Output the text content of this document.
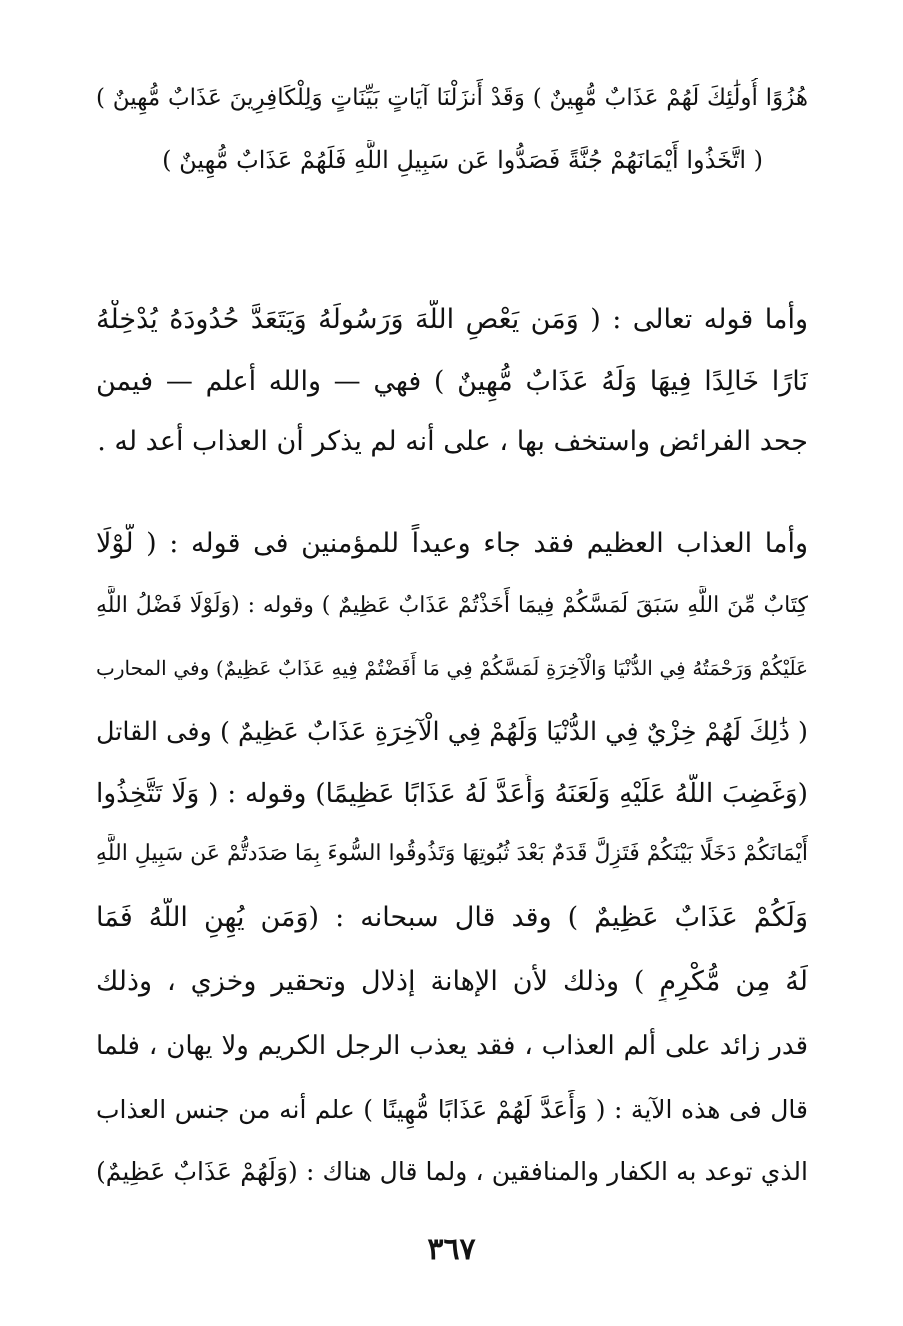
هُزُوًا أُولَٰئِكَ لَهُمْ عَذَابٌ مُّهِينٌ ) وَقَدْ أَنزَلْنَا آيَاتٍ بَيِّنَاتٍ وَلِلْكَافِرِينَ عَذَابٌ مُّهِينٌ )
( اتَّخَذُوا أَيْمَانَهُمْ جُنَّةً فَصَدُّوا عَن سَبِيلِ اللَّهِ فَلَهُمْ عَذَابٌ مُّهِينٌ )
وأما قوله تعالى : ( وَمَن يَعْصِ اللَّهَ وَرَسُولَهُ وَيَتَعَدَّ حُدُودَهُ يُدْخِلْهُ
نَارًا خَالِدًا فِيهَا وَلَهُ عَذَابٌ مُّهِينٌ ) فهي — والله أعلم — فيمن
جحد الفرائض واستخف بها ، على أنه لم يذكر أن العذاب أعد له .
وأما العذاب العظيم فقد جاء وعيداً للمؤمنين فى قوله : ( لَّوْلَا
كِتَابٌ مِّنَ اللَّهِ سَبَقَ لَمَسَّكُمْ فِيمَا أَخَذْتُمْ عَذَابٌ عَظِيمٌ ) وقوله : (وَلَوْلَا فَضْلُ اللَّهِ
عَلَيْكُمْ وَرَحْمَتُهُ فِي الدُّنْيَا وَالْآخِرَةِ لَمَسَّكُمْ فِي مَا أَفَضْتُمْ فِيهِ عَذَابٌ عَظِيمٌ) وفي المحارب
( ذَٰلِكَ لَهُمْ خِزْيٌ فِي الدُّنْيَا وَلَهُمْ فِي الْآخِرَةِ عَذَابٌ عَظِيمٌ ) وفى القاتل
(وَغَضِبَ اللَّهُ عَلَيْهِ وَلَعَنَهُ وَأَعَدَّ لَهُ عَذَابًا عَظِيمًا) وقوله : ( وَلَا تَتَّخِذُوا
أَيْمَانَكُمْ دَخَلًا بَيْنَكُمْ فَتَزِلَّ قَدَمٌ بَعْدَ ثُبُوتِهَا وَتَذُوقُوا السُّوءَ بِمَا صَدَدتُّمْ عَن سَبِيلِ اللَّهِ
وَلَكُمْ عَذَابٌ عَظِيمٌ ) وقد قال سبحانه : (وَمَن يُهِنِ اللَّهُ فَمَا
لَهُ مِن مُّكْرِمٍ ) وذلك لأن الإهانة إذلال وتحقير وخزي ، وذلك
قدر زائد على ألم العذاب ، فقد يعذب الرجل الكريم ولا يهان ، فلما
قال فى هذه الآية : ( وَأَعَدَّ لَهُمْ عَذَابًا مُّهِينًا ) علم أنه من جنس العذاب
الذي توعد به الكفار والمنافقين ، ولما قال هناك : (وَلَهُمْ عَذَابٌ عَظِيمٌ)
٣٦٧
